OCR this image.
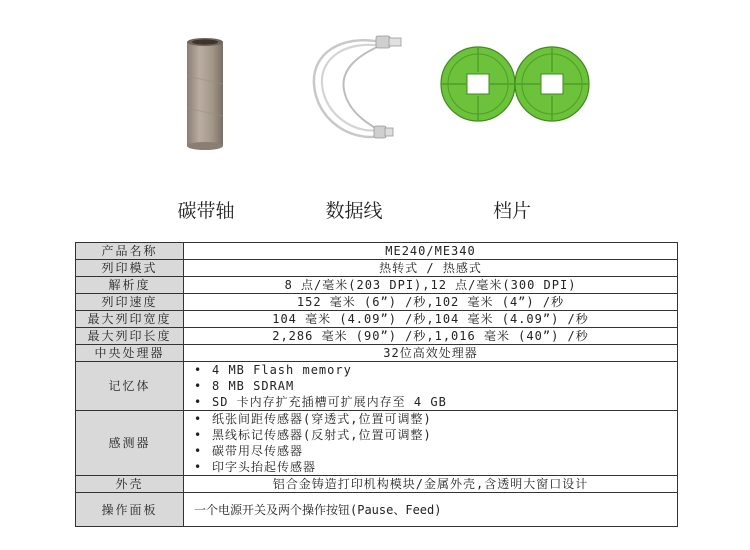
碳带轴	数据线	档片
产品名称	ME240/ME340
列印模式	热转式 / 热感式
解析度	8 点/毫米(203 DPI),12 点/毫米(300 DPI)
列印速度	152 毫米 (6”) /秒,102 毫米 (4”) /秒
最大列印宽度	104 毫米 (4.09”) /秒,104 毫米 (4.09”) /秒
最大列印长度	2,286 毫米 (90”) /秒,1,016 毫米 (40”) /秒
中央处理器	32位高效处理器
记忆体	• 4 MB Flash memory
• 8 MB SDRAM
• SD 卡内存扩充插槽可扩展内存至 4 GB

感测器	• 纸张间距传感器(穿透式,位置可调整)
• 黑线标记传感器(反射式,位置可调整)
• 碳带用尽传感器
• 印字头抬起传感器

外壳	铝合金铸造打印机构模块/金属外壳,含透明大窗口设计
操作面板	一个电源开关及两个操作按钮(Pause、Feed)
